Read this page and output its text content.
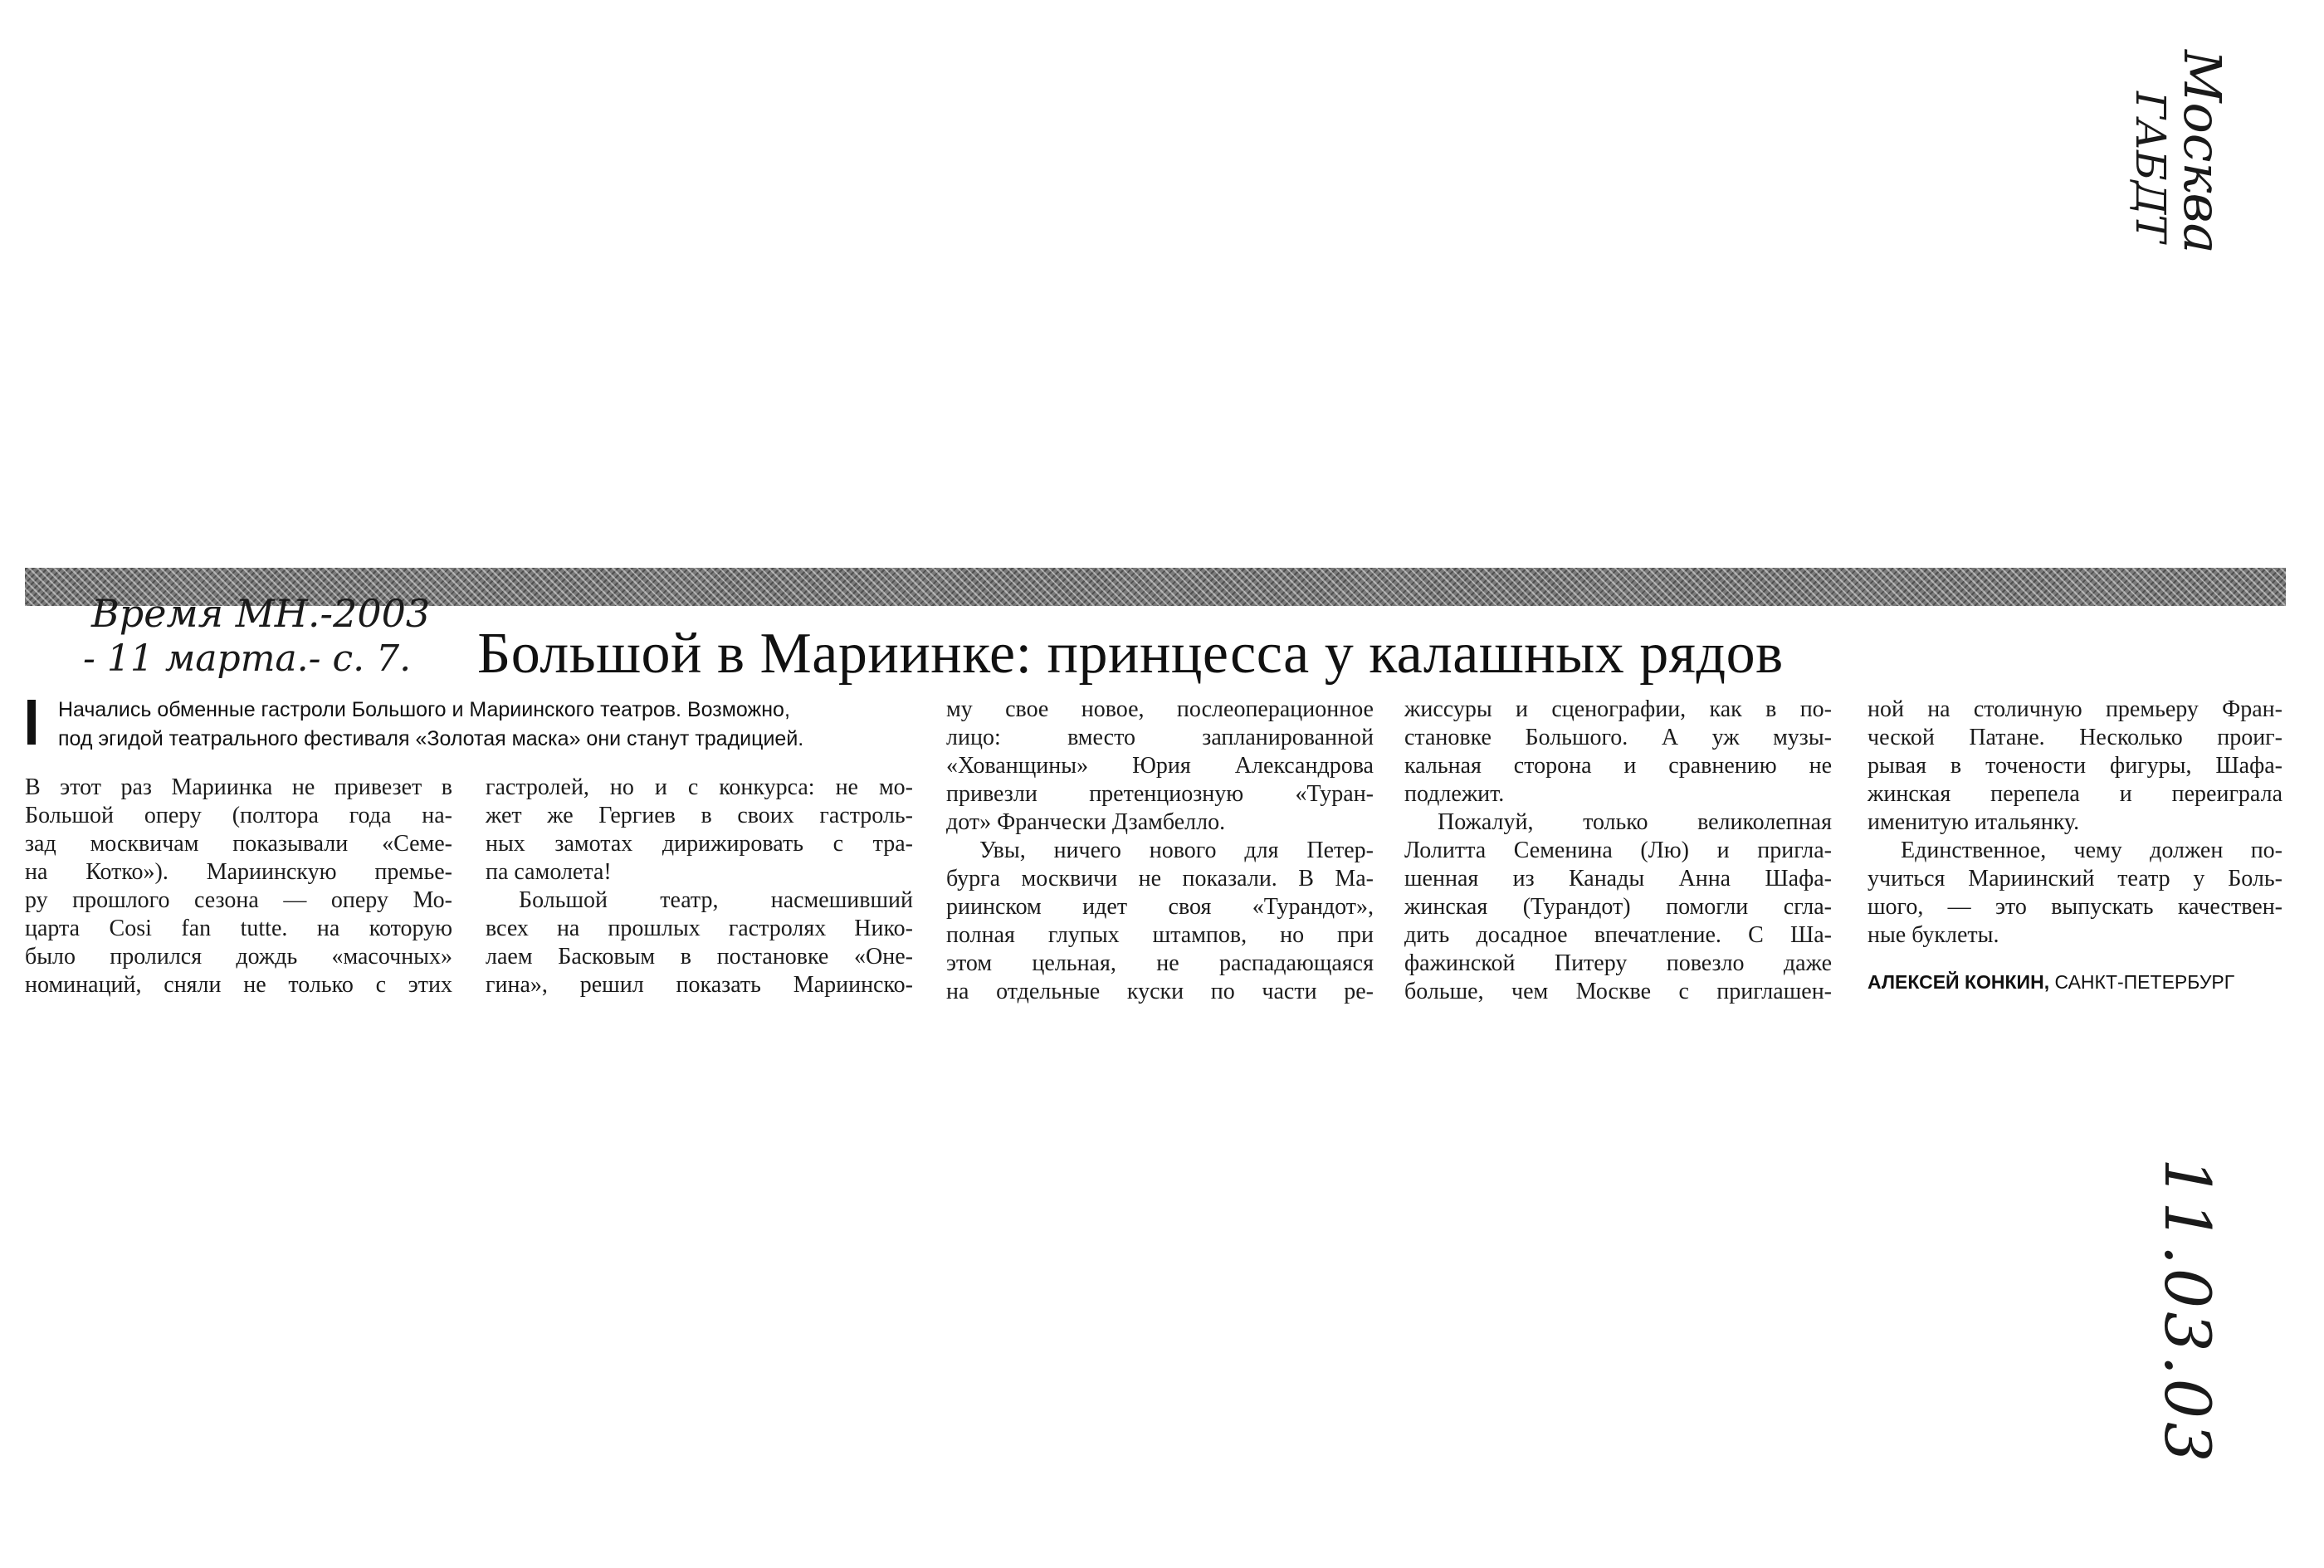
Москва
ГАБДТ
Время МН.-2003
- 11 марта.- с. 7. Большой в Мариинке: принцесса у калашных рядов
Начались обменные гастроли Большого и Мариинского театров. Возможно,
под эгидой театрального фестиваля «Золотая маска» они станут традицией.

В этот раз Мариинка не привезет в

Большой оперу (полтора года на-

зад москвичам показывали «Семе-

на Котко»). Мариинскую премье-

ру прошлого сезона — оперу Мо-

царта Cosi fan tutte. на которую

было пролился дождь «масочных»

номинаций, сняли не только с этих

гастролей, но и с конкурса: не мо-

жет же Гергиев в своих гастроль-

ных замотах дирижировать с тра-

па самолета!

Большой театр, насмешивший

всех на прошлых гастролях Нико-

лаем Басковым в постановке «Оне-

гина», решил показать Мариинско-

му свое новое, послеоперационное

лицо: вместо запланированной

«Хованщины» Юрия Александрова

привезли претенциозную «Туран-

дот» Франчески Дзамбелло.

Увы, ничего нового для Петер-

бурга москвичи не показали. В Ма-

риинском идет своя «Турандот»,

полная глупых штампов, но при

этом цельная, не распадающаяся

на отдельные куски по части ре-

жиссуры и сценографии, как в по-

становке Большого. А уж музы-

кальная сторона и сравнению не

подлежит.

Пожалуй, только великолепная

Лолитта Семенина (Лю) и пригла-

шенная из Канады Анна Шафа-

жинская (Турандот) помогли сгла-

дить досадное впечатление. С Ша-

фажинской Питеру повезло даже

больше, чем Москве с приглашен-

ной на столичную премьеру Фран-

ческой Патане. Несколько проиг-

рывая в точености фигуры, Шафа-

жинская перепела и переиграла

именитую итальянку.

Единственное, чему должен по-

учиться Мариинский театр у Боль-

шого, — это выпускать качествен-

ные буклеты.

АЛЕКСЕЙ КОНКИН, САНКТ-ПЕТЕРБУРГ
11.03.03
